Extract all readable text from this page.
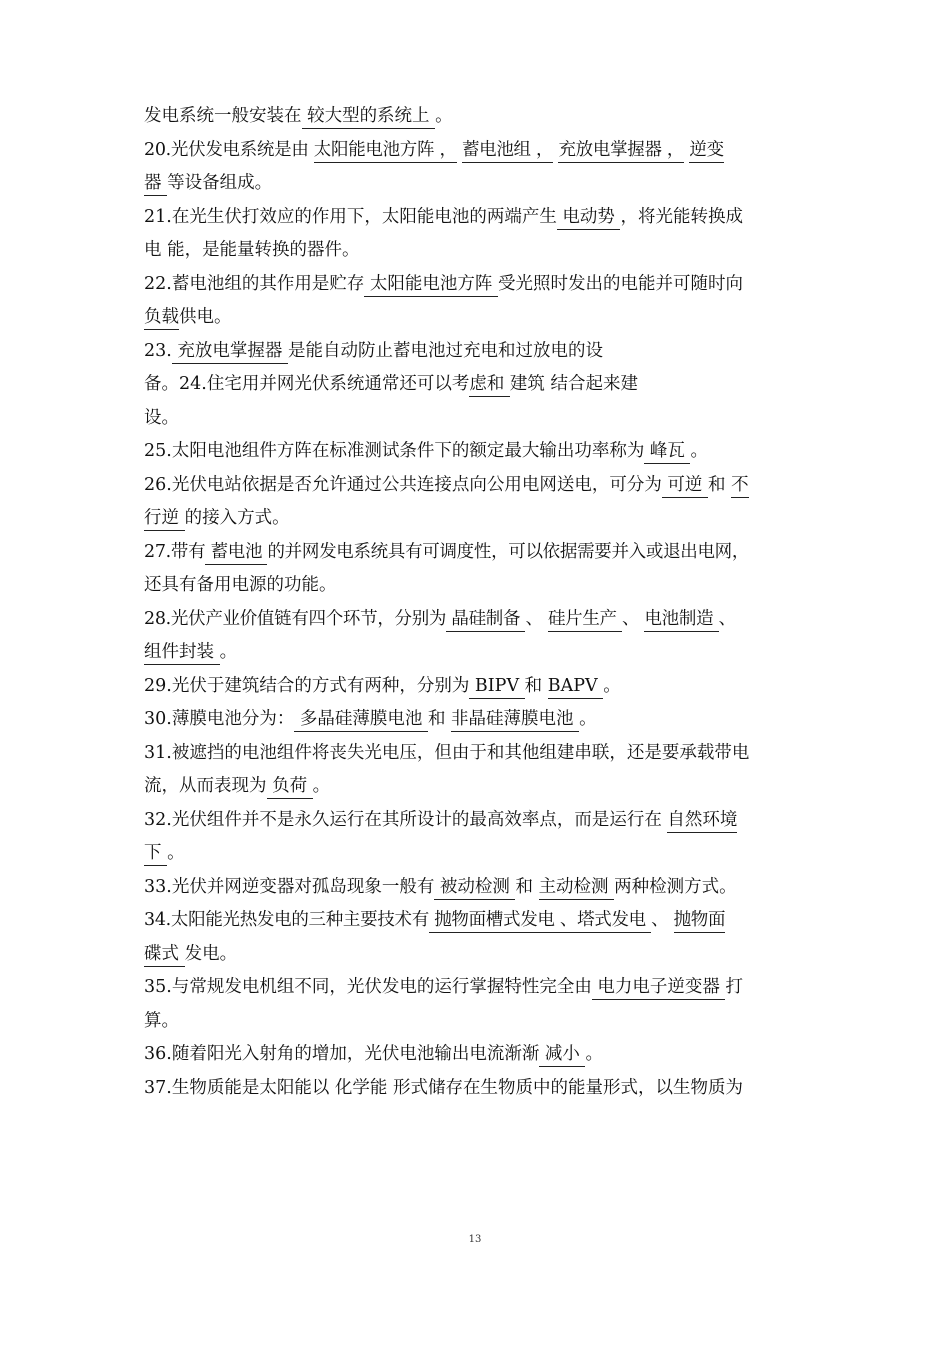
发电系统一般安装在 较大型的系统上 。
20.光伏发电系统是由 太阳能电池方阵 ， 蓄电池组 ， 充放电掌握器 ， 逆变
器 等设备组成。
21.在光生伏打效应的作用下，太阳能电池的两端产生 电动势 ，将光能转换成
电 能，是能量转换的器件。
22.蓄电池组的其作用是贮存 太阳能电池方阵 受光照时发出的电能并可随时向
负载供电。
23. 充放电掌握器 是能自动防止蓄电池过充电和过放电的设
备。24.住宅用并网光伏系统通常还可以考虑和 建筑 结合起来建
设。
25.太阳电池组件方阵在标准测试条件下的额定最大输出功率称为 峰瓦 。
26.光伏电站依据是否允许通过公共连接点向公用电网送电，可分为 可逆 和 不
行逆 的接入方式。
27.带有 蓄电池 的并网发电系统具有可调度性，可以依据需要并入或退出电网，
还具有备用电源的功能。
28.光伏产业价值链有四个环节，分别为 晶硅制备 、 硅片生产 、 电池制造 、
组件封装 。
29.光伏于建筑结合的方式有两种，分别为 BIPV 和 BAPV 。
30.薄膜电池分为： 多晶硅薄膜电池 和 非晶硅薄膜电池 。
31.被遮挡的电池组件将丧失光电压，但由于和其他组建串联，还是要承载带电
流，从而表现为 负荷 。
32.光伏组件并不是永久运行在其所设计的最高效率点，而是运行在 自然环境
下 。
33.光伏并网逆变器对孤岛现象一般有 被动检测 和 主动检测 两种检测方式。
34.太阳能光热发电的三种主要技术有 抛物面槽式发电 、塔式发电 、 抛物面
碟式 发电。
35.与常规发电机组不同，光伏发电的运行掌握特性完全由 电力电子逆变器 打
算。
36.随着阳光入射角的增加，光伏电池输出电流渐渐 减小 。
37.生物质能是太阳能以 化学能 形式储存在生物质中的能量形式，以生物质为
13
